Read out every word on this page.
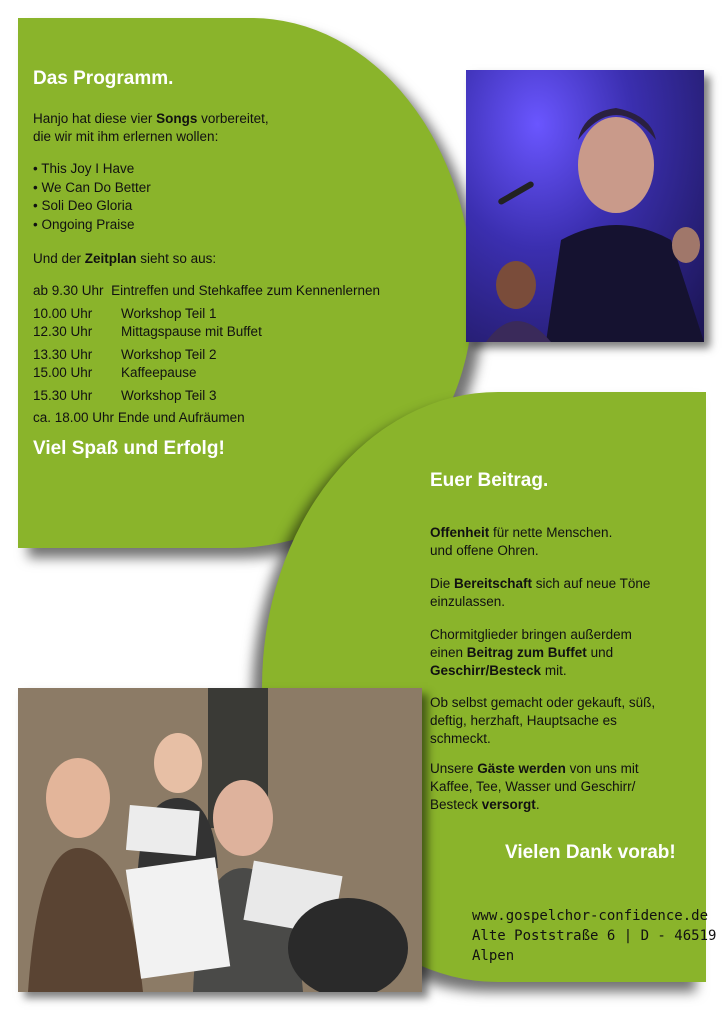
Das Programm.
Hanjo hat diese vier Songs vorbereitet,
die wir mit ihm erlernen wollen:
• This Joy I Have
• We Can Do Better
• Soli Deo Gloria
• Ongoing Praise
Und der Zeitplan sieht so aus:
ab 9.30 Uhr Eintreffen und Stehkaffee zum Kennenlernen
10.00 Uhr Workshop Teil 1
12.30 Uhr Mittagspause mit Buffet
13.30 Uhr Workshop Teil 2
15.00 Uhr Kaffeepause
15.30 Uhr Workshop Teil 3
ca. 18.00 Uhr Ende und Aufräumen
Viel Spaß und Erfolg!
Euer Beitrag.
Offenheit für nette Menschen.
und offene Ohren.
Die Bereitschaft sich auf neue Töne
einzulassen.
Chormitglieder bringen außerdem
einen Beitrag zum Buffet und
Geschirr/Besteck mit.
Ob selbst gemacht oder gekauft, süß,
deftig, herzhaft, Hauptsache es
schmeckt.
Unsere Gäste werden von uns mit
Kaffee, Tee, Wasser und Geschirr/
Besteck versorgt.
Vielen Dank vorab!
www.gospelchor-confidence.de
Alte Poststraße 6 | D - 46519 Alpen
